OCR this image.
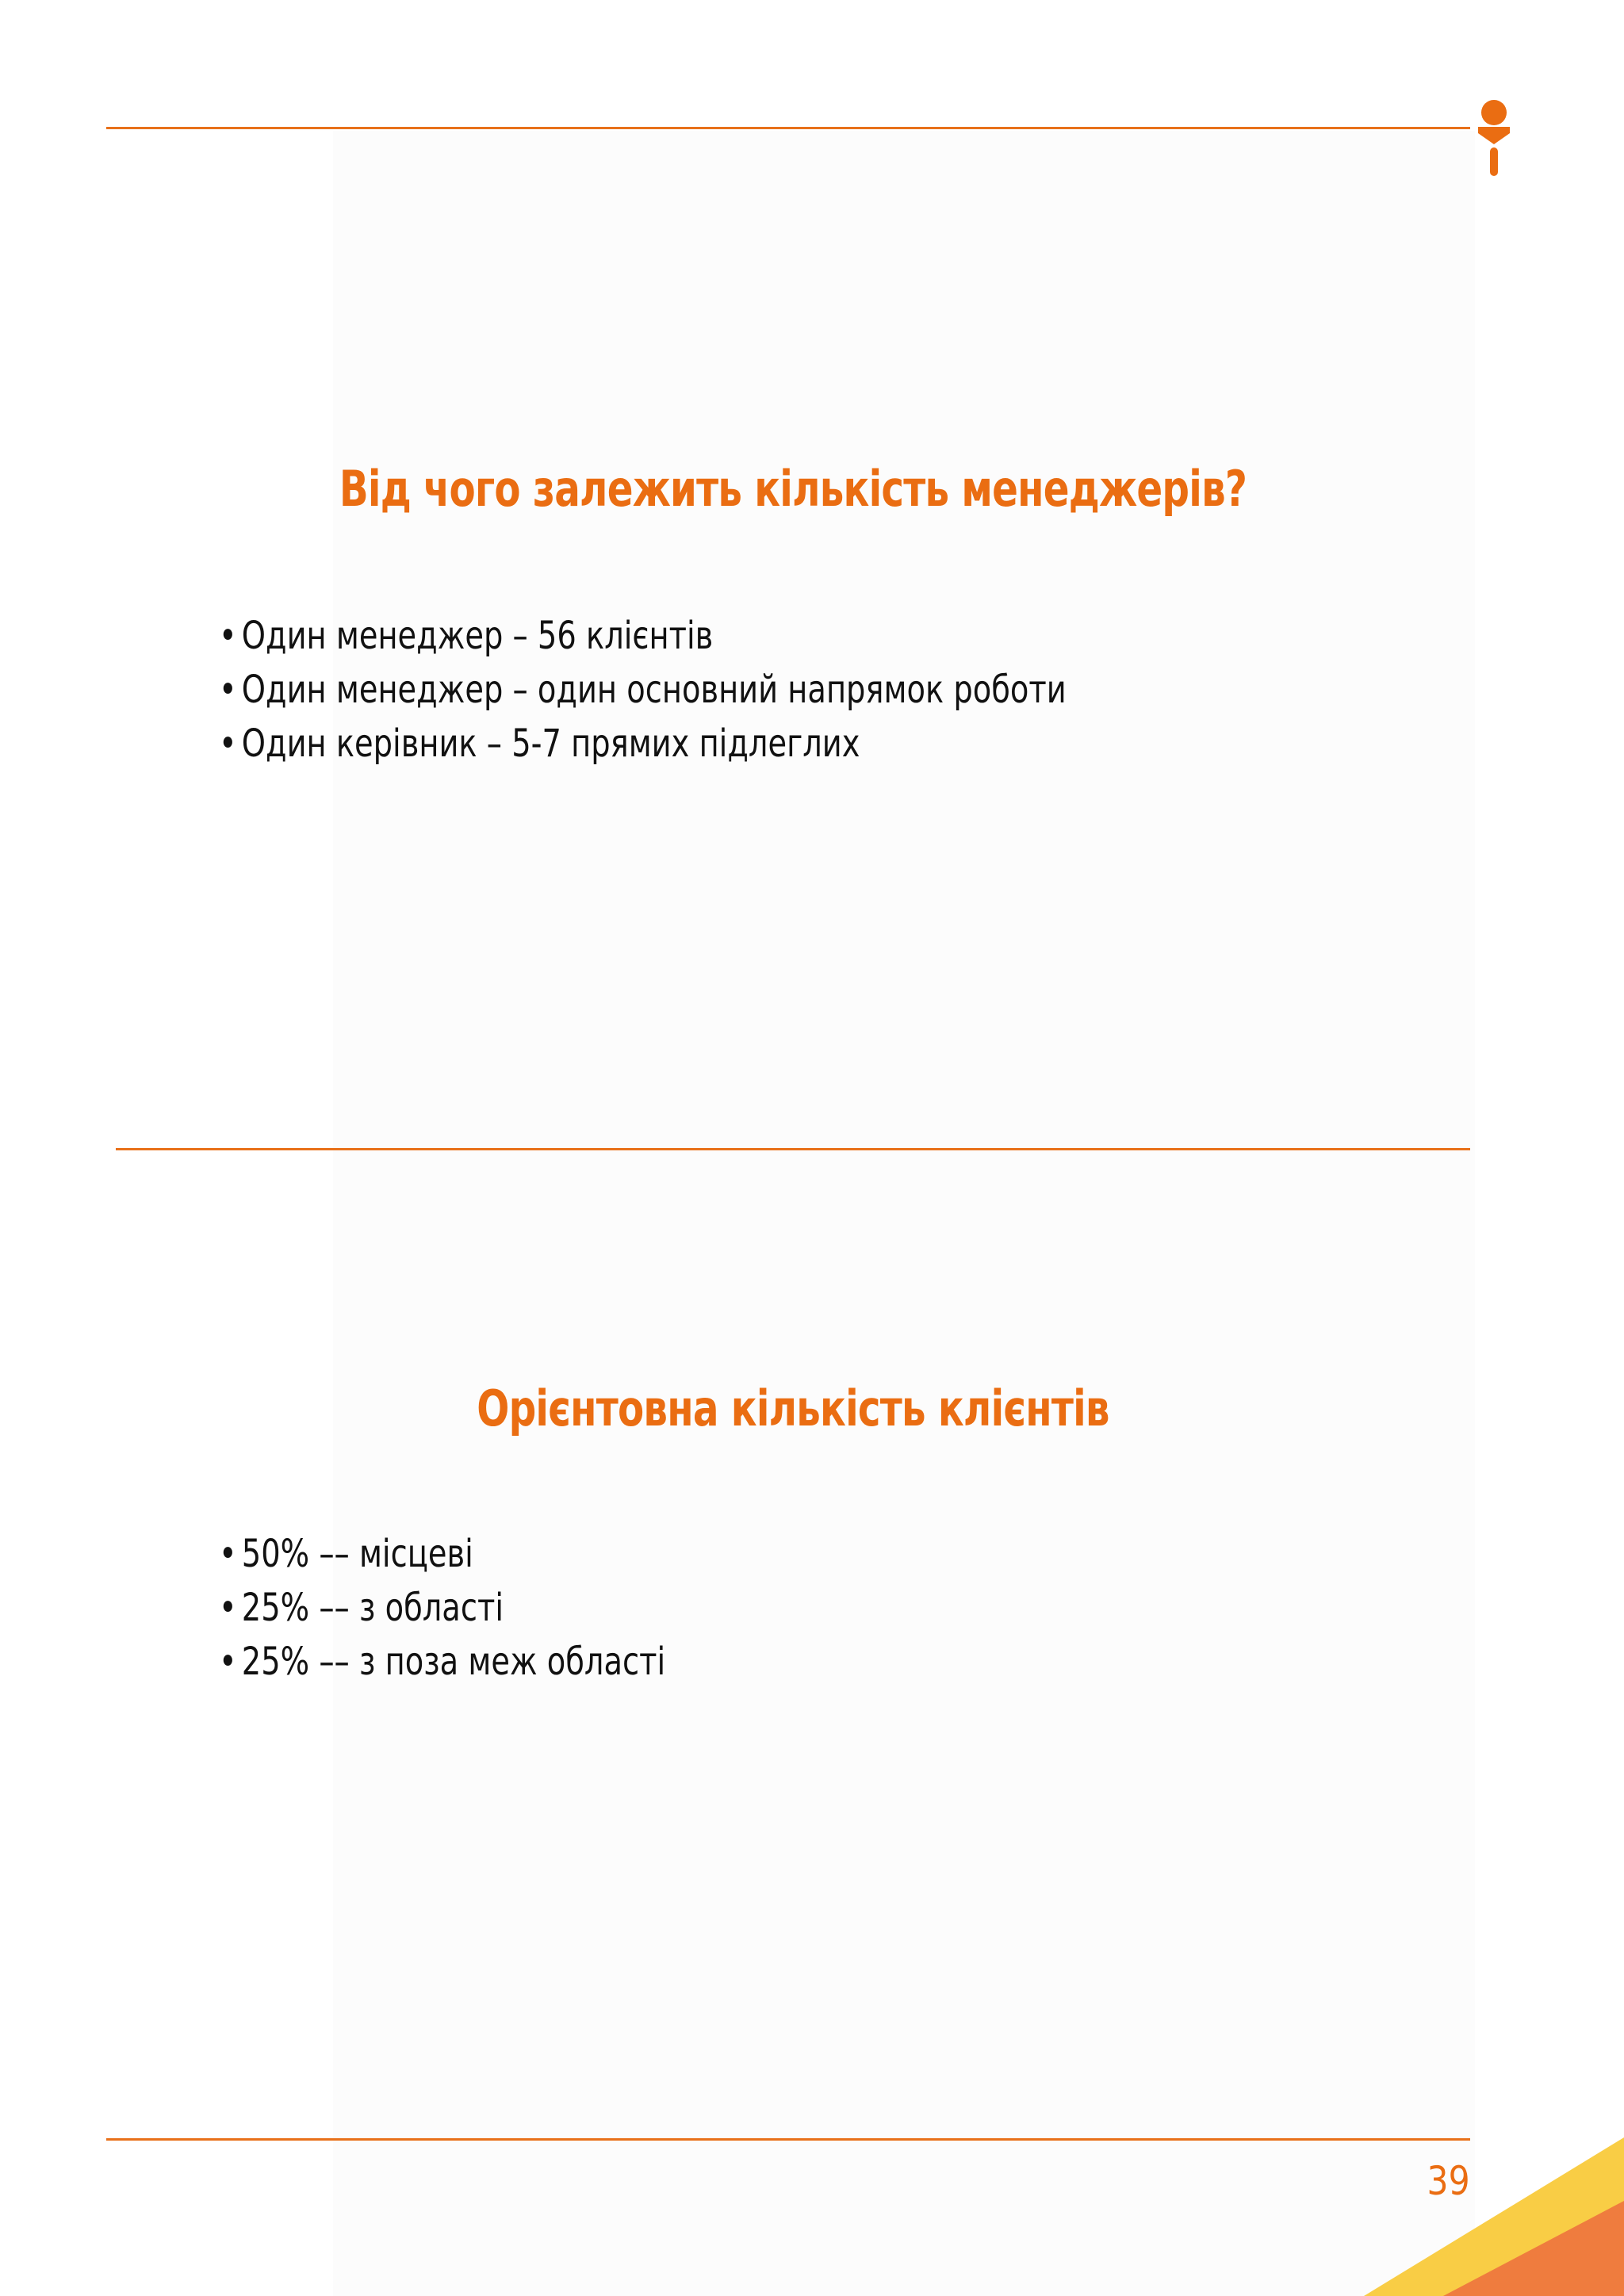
Від чого залежить кількість менеджерів?
• Один менеджер – 56 клієнтів
• Один менеджер – один основний напрямок роботи
• Один керівник – 5-7 прямих підлеглих
Орієнтовна кількість клієнтів
• 50% –– місцеві
• 25% –– з області
• 25% –– з поза меж області
39
